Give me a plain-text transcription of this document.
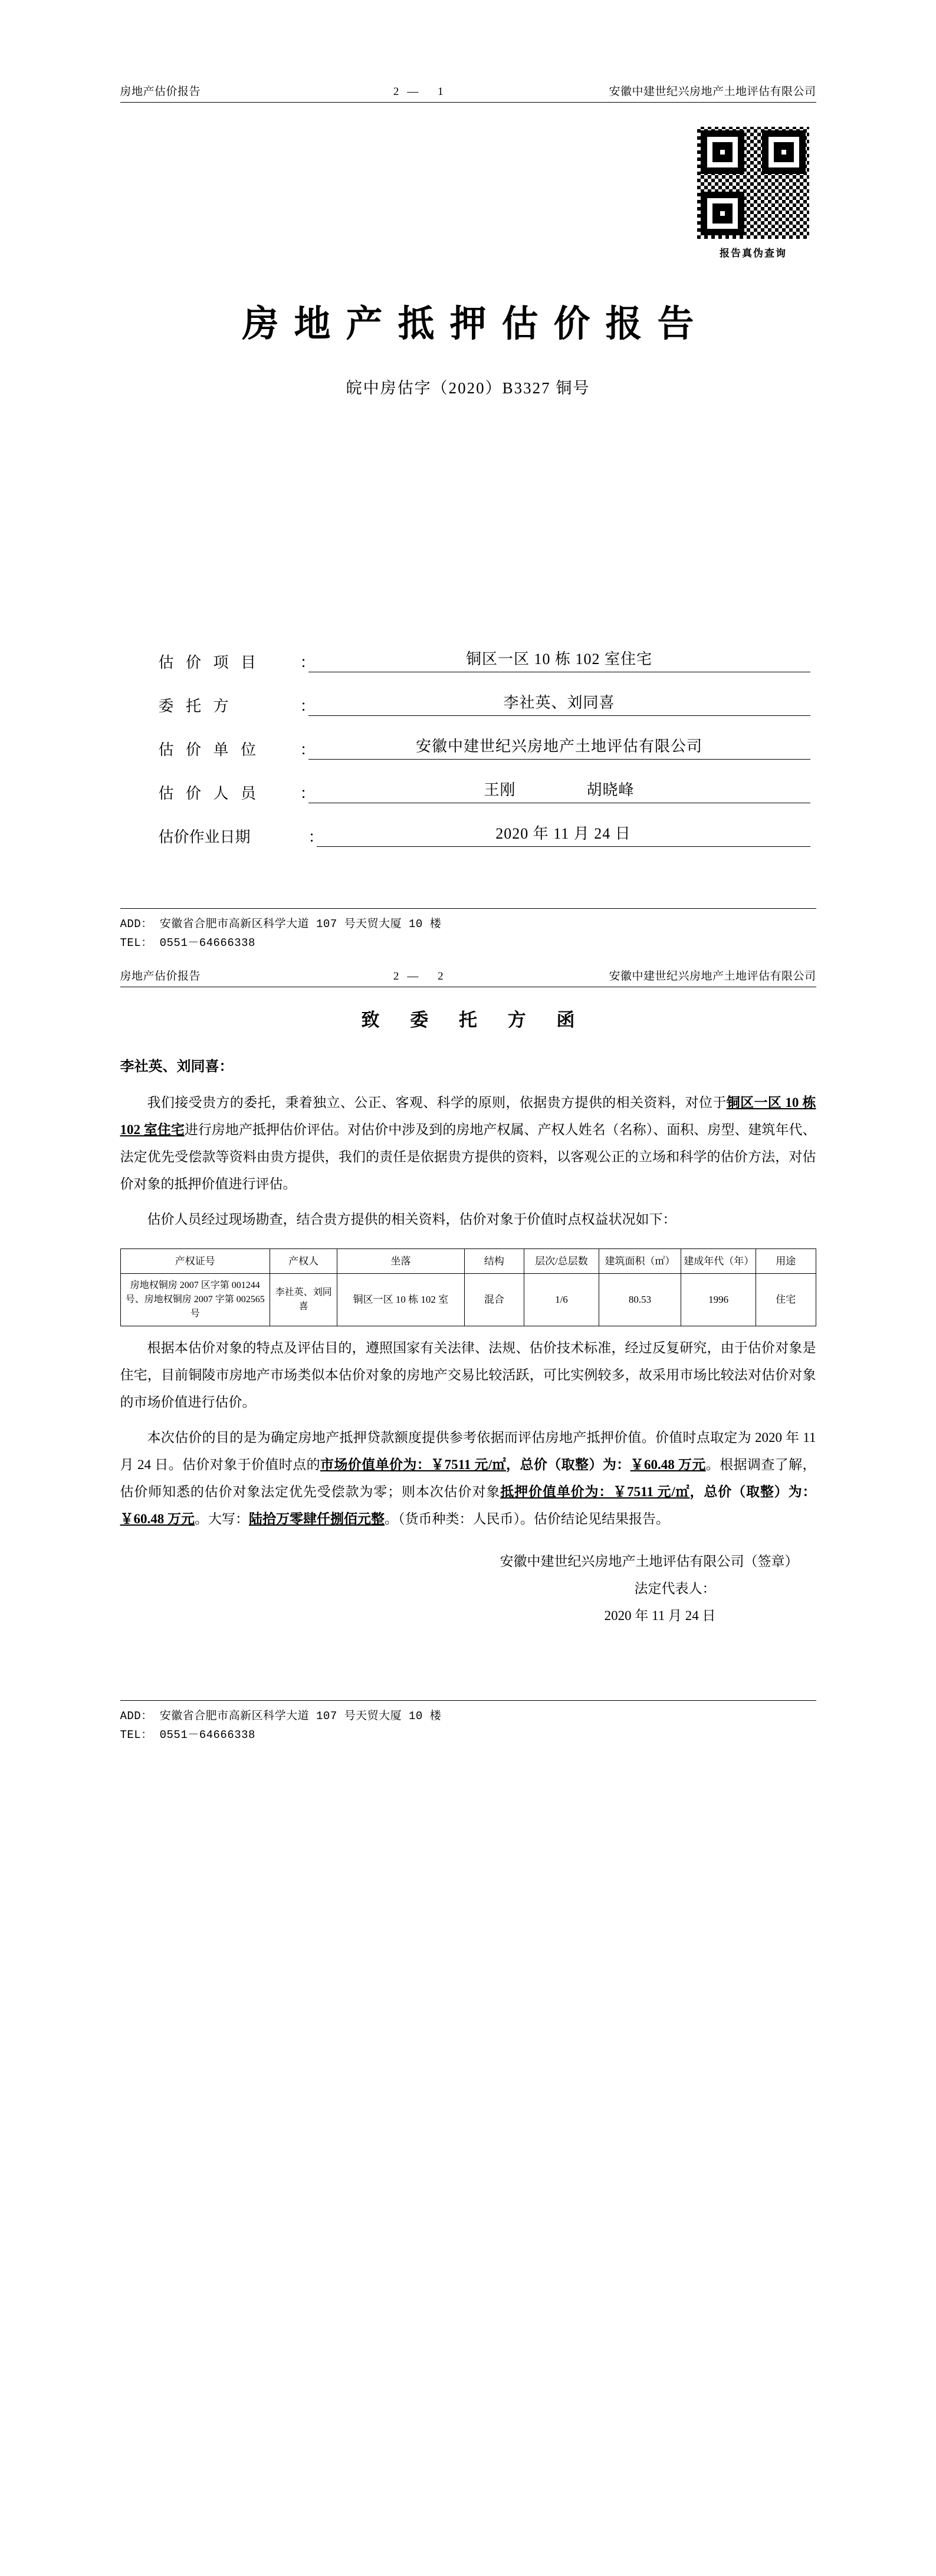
房地产估价报告	2— 1	安徽中建世纪兴房地产土地评估有限公司
报告真伪查询
房地产抵押估价报告
皖中房估字（2020）B3327 铜号
估 价 项 目	：	铜区一区 10 栋 102 室住宅
委 托 方	：	李社英、刘同喜
估 价 单 位	：	安徽中建世纪兴房地产土地评估有限公司
估 价 人 员	：	王刚	胡晓峰
估价作业日期	：	2020 年 11 月 24 日
ADD： 安徽省合肥市高新区科学大道 107 号天贸大厦 10 楼
TEL： 0551－64666338
房地产估价报告	2— 2	安徽中建世纪兴房地产土地评估有限公司
致 委 托 方 函
李社英、刘同喜：

我们接受贵方的委托，秉着独立、公正、客观、科学的原则，依据贵方提供的相关资料，对位于铜区一区 10 栋 102 室住宅进行房地产抵押估价评估。对估价中涉及到的房地产权属、产权人姓名（名称）、面积、房型、建筑年代、法定优先受偿款等资料由贵方提供，我们的责任是依据贵方提供的资料，以客观公正的立场和科学的估价方法，对估价对象的抵押价值进行评估。

估价人员经过现场勘查，结合贵方提供的相关资料，估价对象于价值时点权益状况如下：

产权证号	产权人	坐落	结构	层次/总层数	建筑面积（㎡）	建成年代（年）	用途
房地权铜房 2007 区字第 001244 号、房地权铜房 2007 字第 002565 号	李社英、刘同喜	铜区一区 10 栋 102 室	混合	1/6	80.53	1996	住宅

根据本估价对象的特点及评估目的，遵照国家有关法律、法规、估价技术标准，经过反复研究，由于估价对象是住宅，目前铜陵市房地产市场类似本估价对象的房地产交易比较活跃，可比实例较多，故采用市场比较法对估价对象的市场价值进行估价。

本次估价的目的是为确定房地产抵押贷款额度提供参考依据而评估房地产抵押价值。价值时点取定为 2020 年 11 月 24 日。估价对象于价值时点的市场价值单价为：￥7511 元/㎡，总价（取整）为：￥60.48 万元。根据调查了解，估价师知悉的估价对象法定优先受偿款为零；则本次估价对象抵押价值单价为：￥7511 元/㎡，总价（取整）为：￥60.48 万元。大写：陆拾万零肆仟捌佰元整。（货币种类：人民币）。估价结论见结果报告。

安徽中建世纪兴房地产土地评估有限公司（签章）
法定代表人：
2020 年 11 月 24 日
ADD： 安徽省合肥市高新区科学大道 107 号天贸大厦 10 楼
TEL： 0551－64666338
